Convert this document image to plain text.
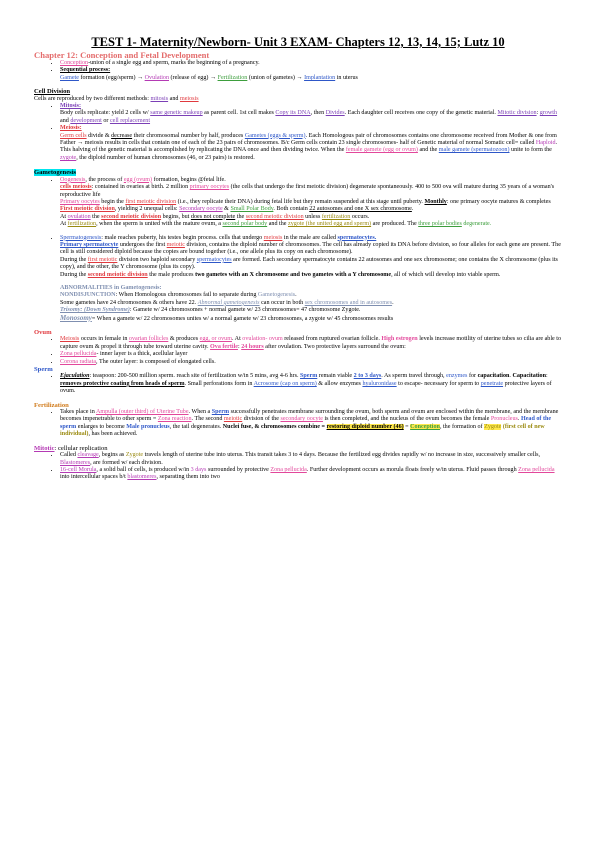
TEST 1- Maternity/Newborn- Unit 3 EXAM- Chapters 12, 13, 14, 15; Lutz 10
Chapter 12: Conception and Fetal Development
• Conception-union of a single egg and sperm, marks the beginning of a pregnancy.
• Sequential process:
Gamete formation (egg/sperm) → Ovulation (release of egg) → Fertilization (union of gametes) → Implantation in uterus
Cell Division

Cells are reproduced by two different methods: mitosis and meiosis

• Mitosis:
Body cells replicate: yield 2 cells w/ same genetic makeup as parent cell. 1st cell makes Copy its DNA, then Divides. Each daughter cell receives one copy of the genetic material. Mitotic division: growth and development or cell replacement
• Meiosis:
Germ cells divide & decrease their chromosomal number by half, produces Gametes (eggs & sperm). Each Homologous pair of chromosomes contains one chromosome received from Mother & one from Father → meiosis results in cells that contain one of each of the 23 pairs of chromosomes. B/c Germ cells contain 23 single chromosomes- half of Genetic material of normal Somatic cell= called Haploid. This halving of the genetic material is accomplished by replicating the DNA once and then dividing twice. When the female gamete (egg or ovum) and the male gamete (spermatozoon) unite to form the zygote, the diploid number of human chromosomes (46, or 23 pairs) is restored.
Gametogenesis
• Oogenesis, the process of egg (ovum) formation, begins @fetal life.
cells meiosis: contained in ovaries at birth. 2 million primary oocytes (the cells that undergo the first meiotic division) degenerate spontaneously. 400 to 500 ova will mature during 35 years of a woman's reproductive life
Primary oocytes begin the first meiotic division (i.e., they replicate their DNA) during fetal life but they remain suspended at this stage until puberty. Monthly: one primary oocyte matures & completes First meiotic division, yielding 2 unequal cells: Secondary oocyte & Small Polar Body. Both contain 22 autosomes and one X sex chromosome.
At ovulation the second meiotic division begins, but does not complete the second meiotic division unless fertilization occurs.
At fertilization, when the sperm is united with the mature ovum, a second polar body and the zygote (the united egg and sperm) are produced. The three polar bodies degenerate.
• Spermatogenesis: male reaches puberty, his testes begin process. cells that undergo meiosis in the male are called spermatocytes.
Primary spermatocyte undergoes the first meiotic division, contains the diploid number of chromosomes. The cell has already copied its DNA before division, so four alleles for each gene are present. The cell is still considered diploid because the copies are bound together (i.e., one allele plus its copy on each chromosome).
During the first meiotic division two haploid secondary spermatocytes are formed. Each secondary spermatocyte contains 22 autosomes and one sex chromosome; one contains the X chromosome (plus its copy), and the other, the Y chromosome (plus its copy).
During the second meiotic division the male produces two gametes with an X chromosome and two gametes with a Y chromosome, all of which will develop into viable sperm.
ABNORMALITIES in Gametogenesis:
NONDISJUNCTION: When Homologous chromosomes fail to separate during Gametogenesis.
Some gametes have 24 chromosomes & others have 22. Abnormal gametogenesis can occur in both sex chromosomes and in autosomes.
Trisomy: (Down Syndrome): Gamete w/ 24 chromosomes + normal gamete w/ 23 chromosomes= 47 chromosome Zygote.
Monosomy= When a gamete w/ 22 chromosomes unites w/ a normal gamete w/ 23 chromosomes, a zygote w/ 45 chromosomes results
Ovum
• Meiosis occurs in female in ovarian follicles & produces egg, or ovum. At ovulation- ovum released from ruptured ovarian follicle. High estrogen levels increase motility of uterine tubes so cilia are able to capture ovum & propel it through tube toward uterine cavity. Ova fertile: 24 hours after ovulation. Two protective layers surround the ovum:
• Zona pellucida- inner layer is a thick, acellular layer
• Corona radiata, The outer layer: is composed of elongated cells.
Sperm
• Ejaculation: teaspoon: 200-500 million sperm. reach site of fertilization w/in 5 mins, avg 4-6 hrs. Sperm remain viable 2 to 3 days. As sperm travel through, enzymes for capacitation. Capacitation: removes protective coating from heads of sperm. Small perforations form in Acrosome (cap on sperm) & allow enzymes hyaluronidase to escape- necessary for sperm to penetrate protective layers of ovum.
Fertilization
• Takes place in Ampulla (outer third) of Uterine Tube. When a Sperm successfully penetrates membrane surrounding the ovum, both sperm and ovum are enclosed within the membrane, and the membrane becomes impenetrable to other sperm = Zona reaction. The second meiotic division of the secondary oocyte is then completed, and the nucleus of the ovum becomes the female Pronucleus. Head of the sperm enlarges to become Male pronucleus, the tail degenerates. Nuclei fuse, & chromosomes combine = restoring diploid number (46) = Conception, the formation of Zygote (first cell of new individual), has been achieved.
Mitotic: cellular replication
• Called cleavage, begins as Zygote travels length of uterine tube into uterus. This transit takes 3 to 4 days. Because the fertilized egg divides rapidly w/ no increase in size, successively smaller cells, Blastomeres, are formed w/ each division.
• 16-cell Morula, a solid ball of cells, is produced w/in 3 days surrounded by protective Zona pellucida. Further development occurs as morula floats freely w/in uterus. Fluid passes through Zona pellucida into intercellular spaces b/t blastomeres, separating them into two
